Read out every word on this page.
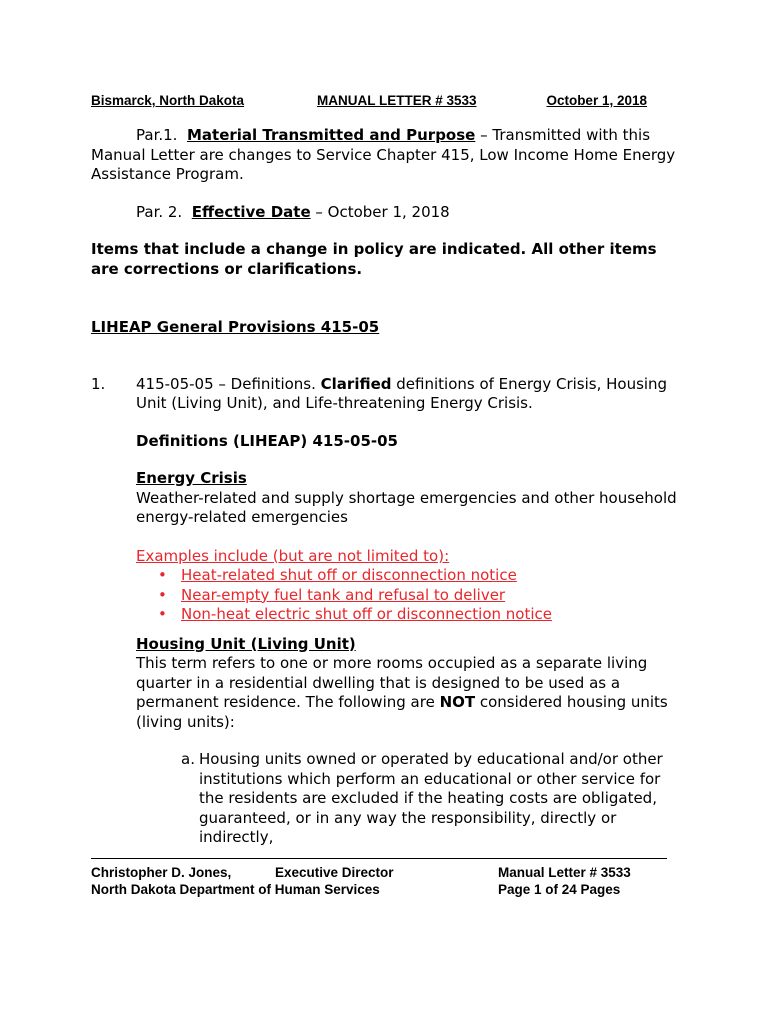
Bismarck, North Dakota	MANUAL LETTER # 3533	October 1, 2018

Par.1. Material Transmitted and Purpose – Transmitted with this Manual Letter are changes to Service Chapter 415, Low Income Home Energy Assistance Program.

Par. 2. Effective Date – October 1, 2018

Items that include a change in policy are indicated. All other items are corrections or clarifications.

LIHEAP General Provisions 415-05

1.	415-05-05 – Definitions. Clarified definitions of Energy Crisis, Housing Unit (Living Unit), and Life-threatening Energy Crisis.

Definitions (LIHEAP) 415-05-05

Energy Crisis

Weather-related and supply shortage emergencies and other household energy-related emergencies

Examples include (but are not limited to):

• Heat-related shut off or disconnection notice
• Near-empty fuel tank and refusal to deliver
• Non-heat electric shut off or disconnection notice

Housing Unit (Living Unit)

This term refers to one or more rooms occupied as a separate living quarter in a residential dwelling that is designed to be used as a permanent residence. The following are NOT considered housing units (living units):

a. Housing units owned or operated by educational and/or other institutions which perform an educational or other service for the residents are excluded if the heating costs are obligated, guaranteed, or in any way the responsibility, directly or indirectly,
Christopher D. Jones,	Executive Director
North Dakota Department of Human Services
Manual Letter # 3533
Page 1 of 24 Pages
